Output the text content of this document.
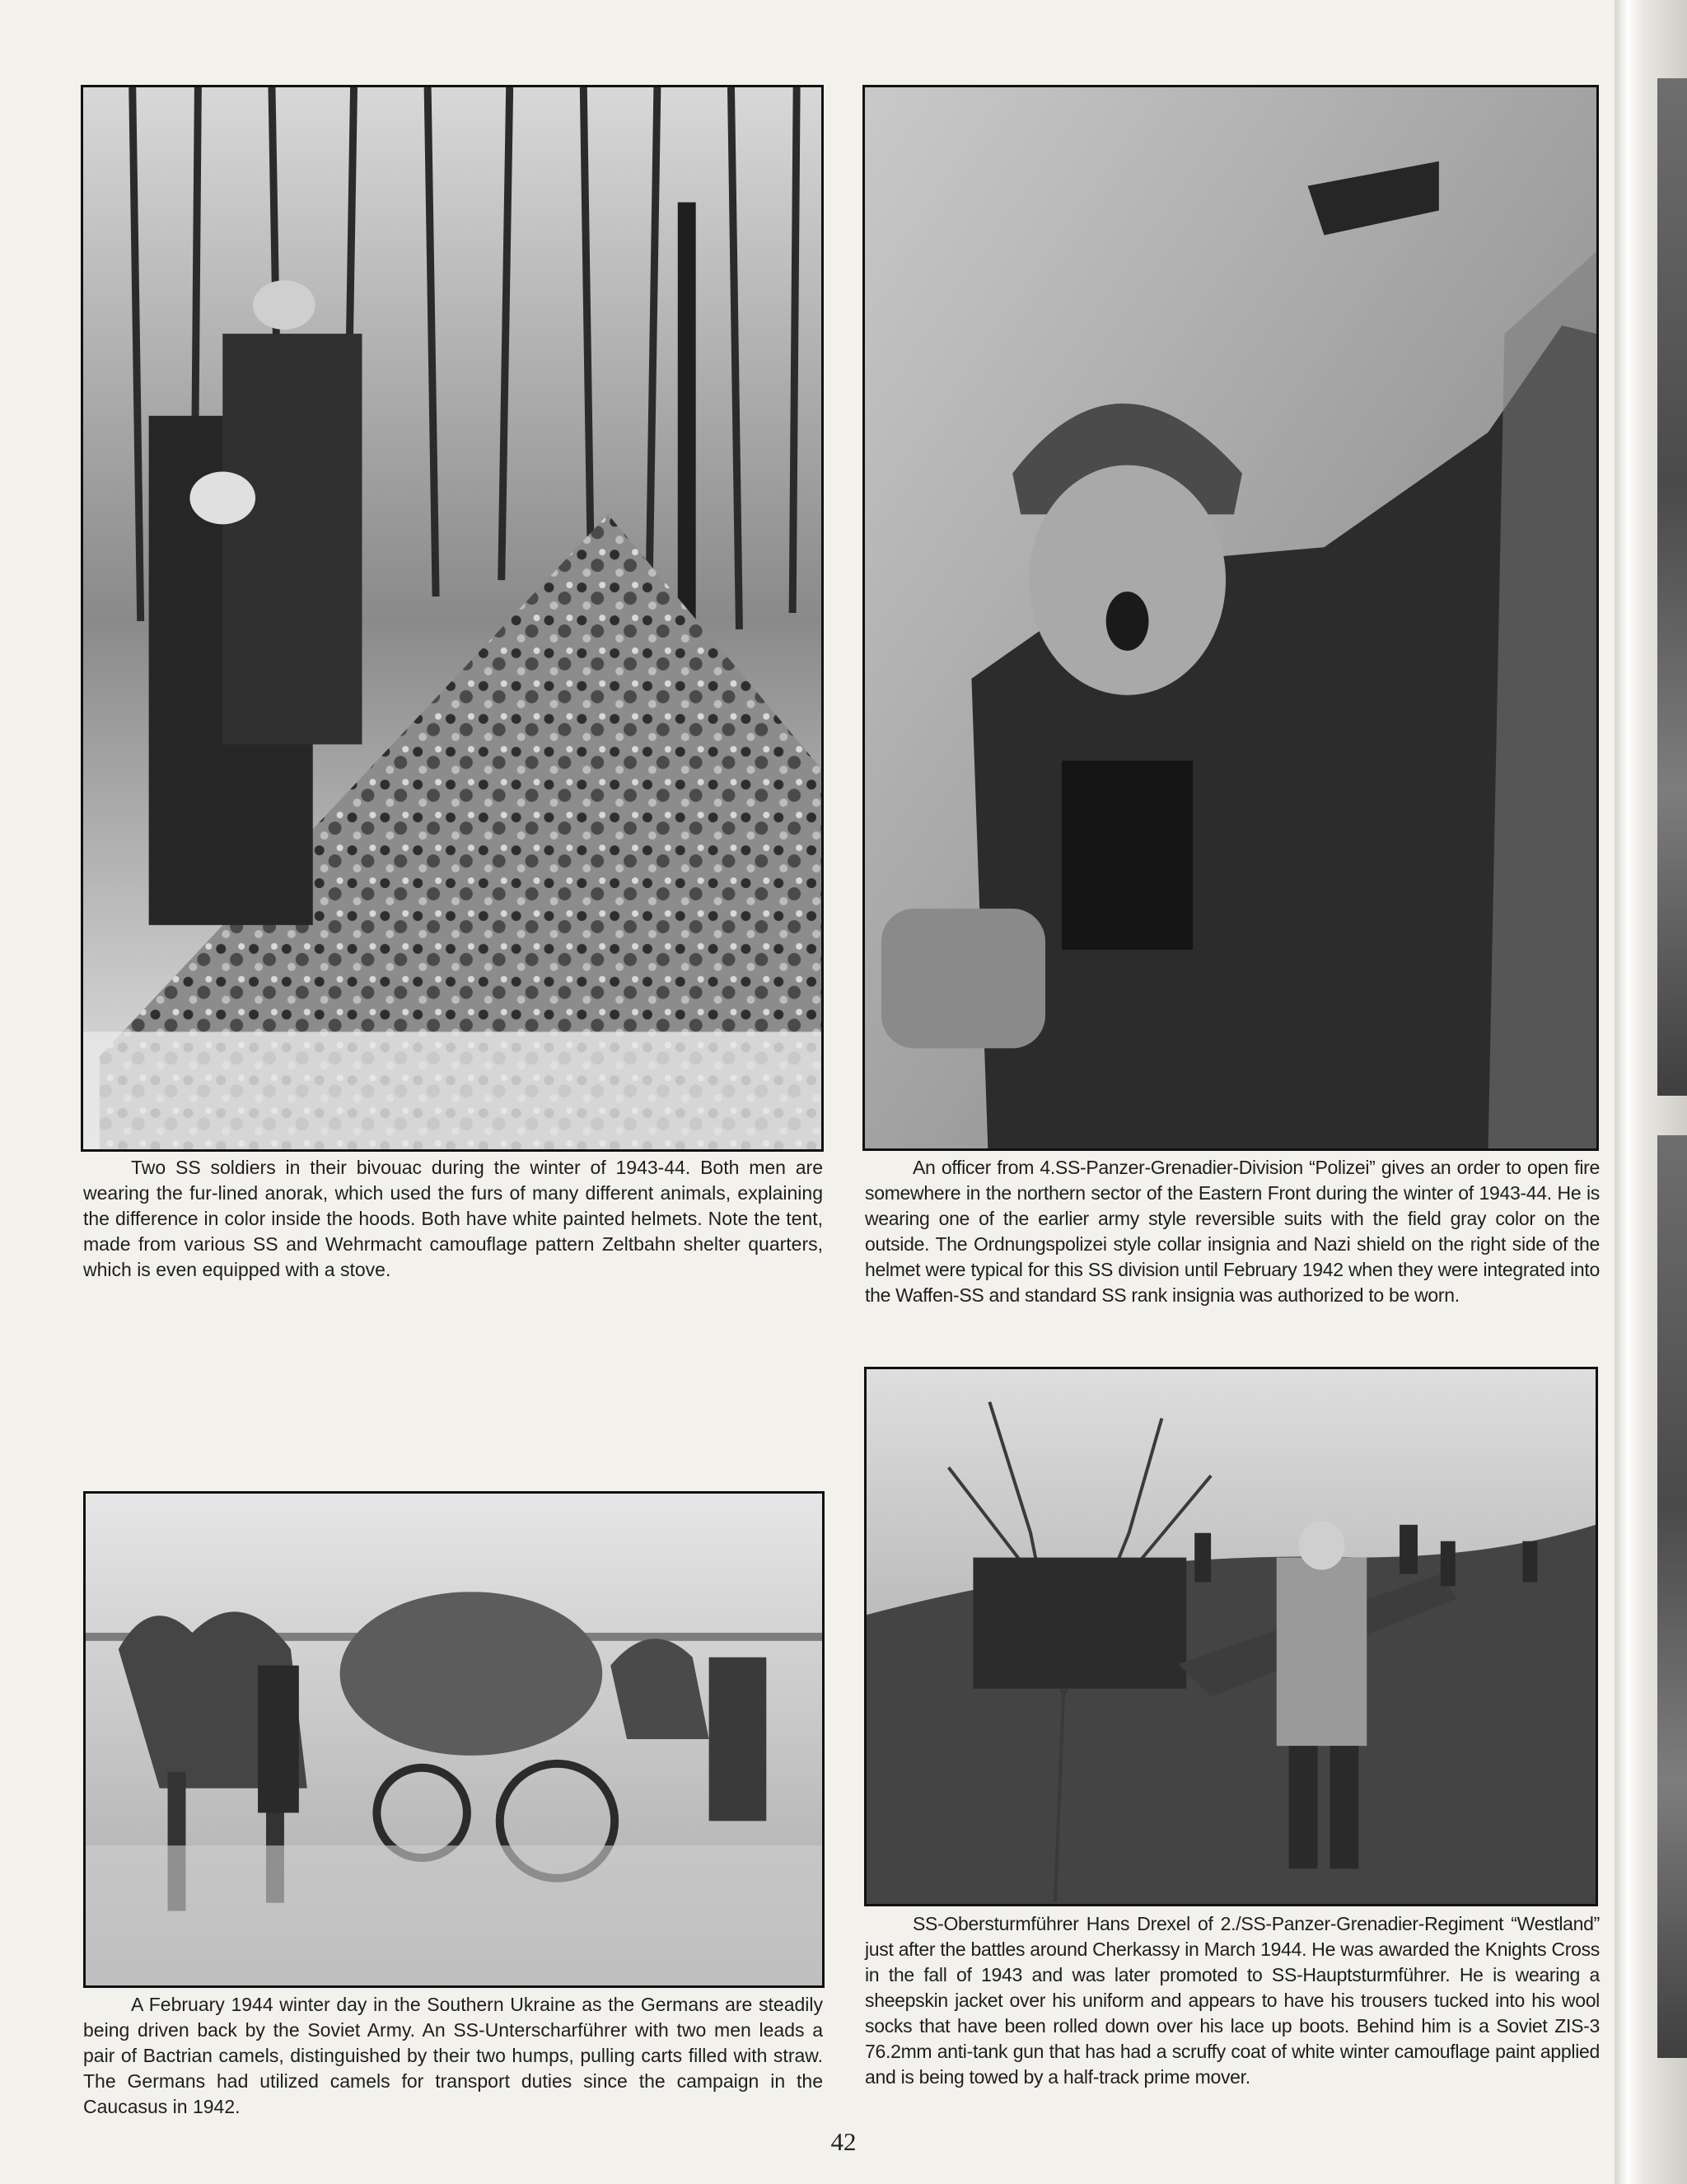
Two SS soldiers in their bivouac during the winter of 1943-44. Both men are wearing the fur-lined anorak, which used the furs of many different animals, explaining the difference in color inside the hoods. Both have white painted helmets. Note the tent, made from various SS and Wehrmacht camouflage pattern Zeltbahn shelter quarters, which is even equipped with a stove.

An officer from 4.SS-Panzer-Grenadier-Division “Polizei” gives an order to open fire somewhere in the northern sector of the Eastern Front during the winter of 1943-44. He is wearing one of the earlier army style reversible suits with the field gray color on the outside. The Ordnungspolizei style collar insignia and Nazi shield on the right side of the helmet were typical for this SS division until February 1942 when they were integrated into the Waffen-SS and standard SS rank insignia was authorized to be worn.

A February 1944 winter day in the Southern Ukraine as the Germans are steadily being driven back by the Soviet Army. An SS-Unterscharführer with two men leads a pair of Bactrian camels, distinguished by their two humps, pulling carts filled with straw. The Germans had utilized camels for transport duties since the campaign in the Caucasus in 1942.

SS-Obersturmführer Hans Drexel of 2./SS-Panzer-Grenadier-Regiment “Westland” just after the battles around Cherkassy in March 1944. He was awarded the Knights Cross in the fall of 1943 and was later promoted to SS-Hauptsturmführer. He is wearing a sheepskin jacket over his uniform and appears to have his trousers tucked into his wool socks that have been rolled down over his lace up boots. Behind him is a Soviet ZIS-3 76.2mm anti-tank gun that has had a scruffy coat of white winter camouflage paint applied and is being towed by a half-track prime mover.

42
